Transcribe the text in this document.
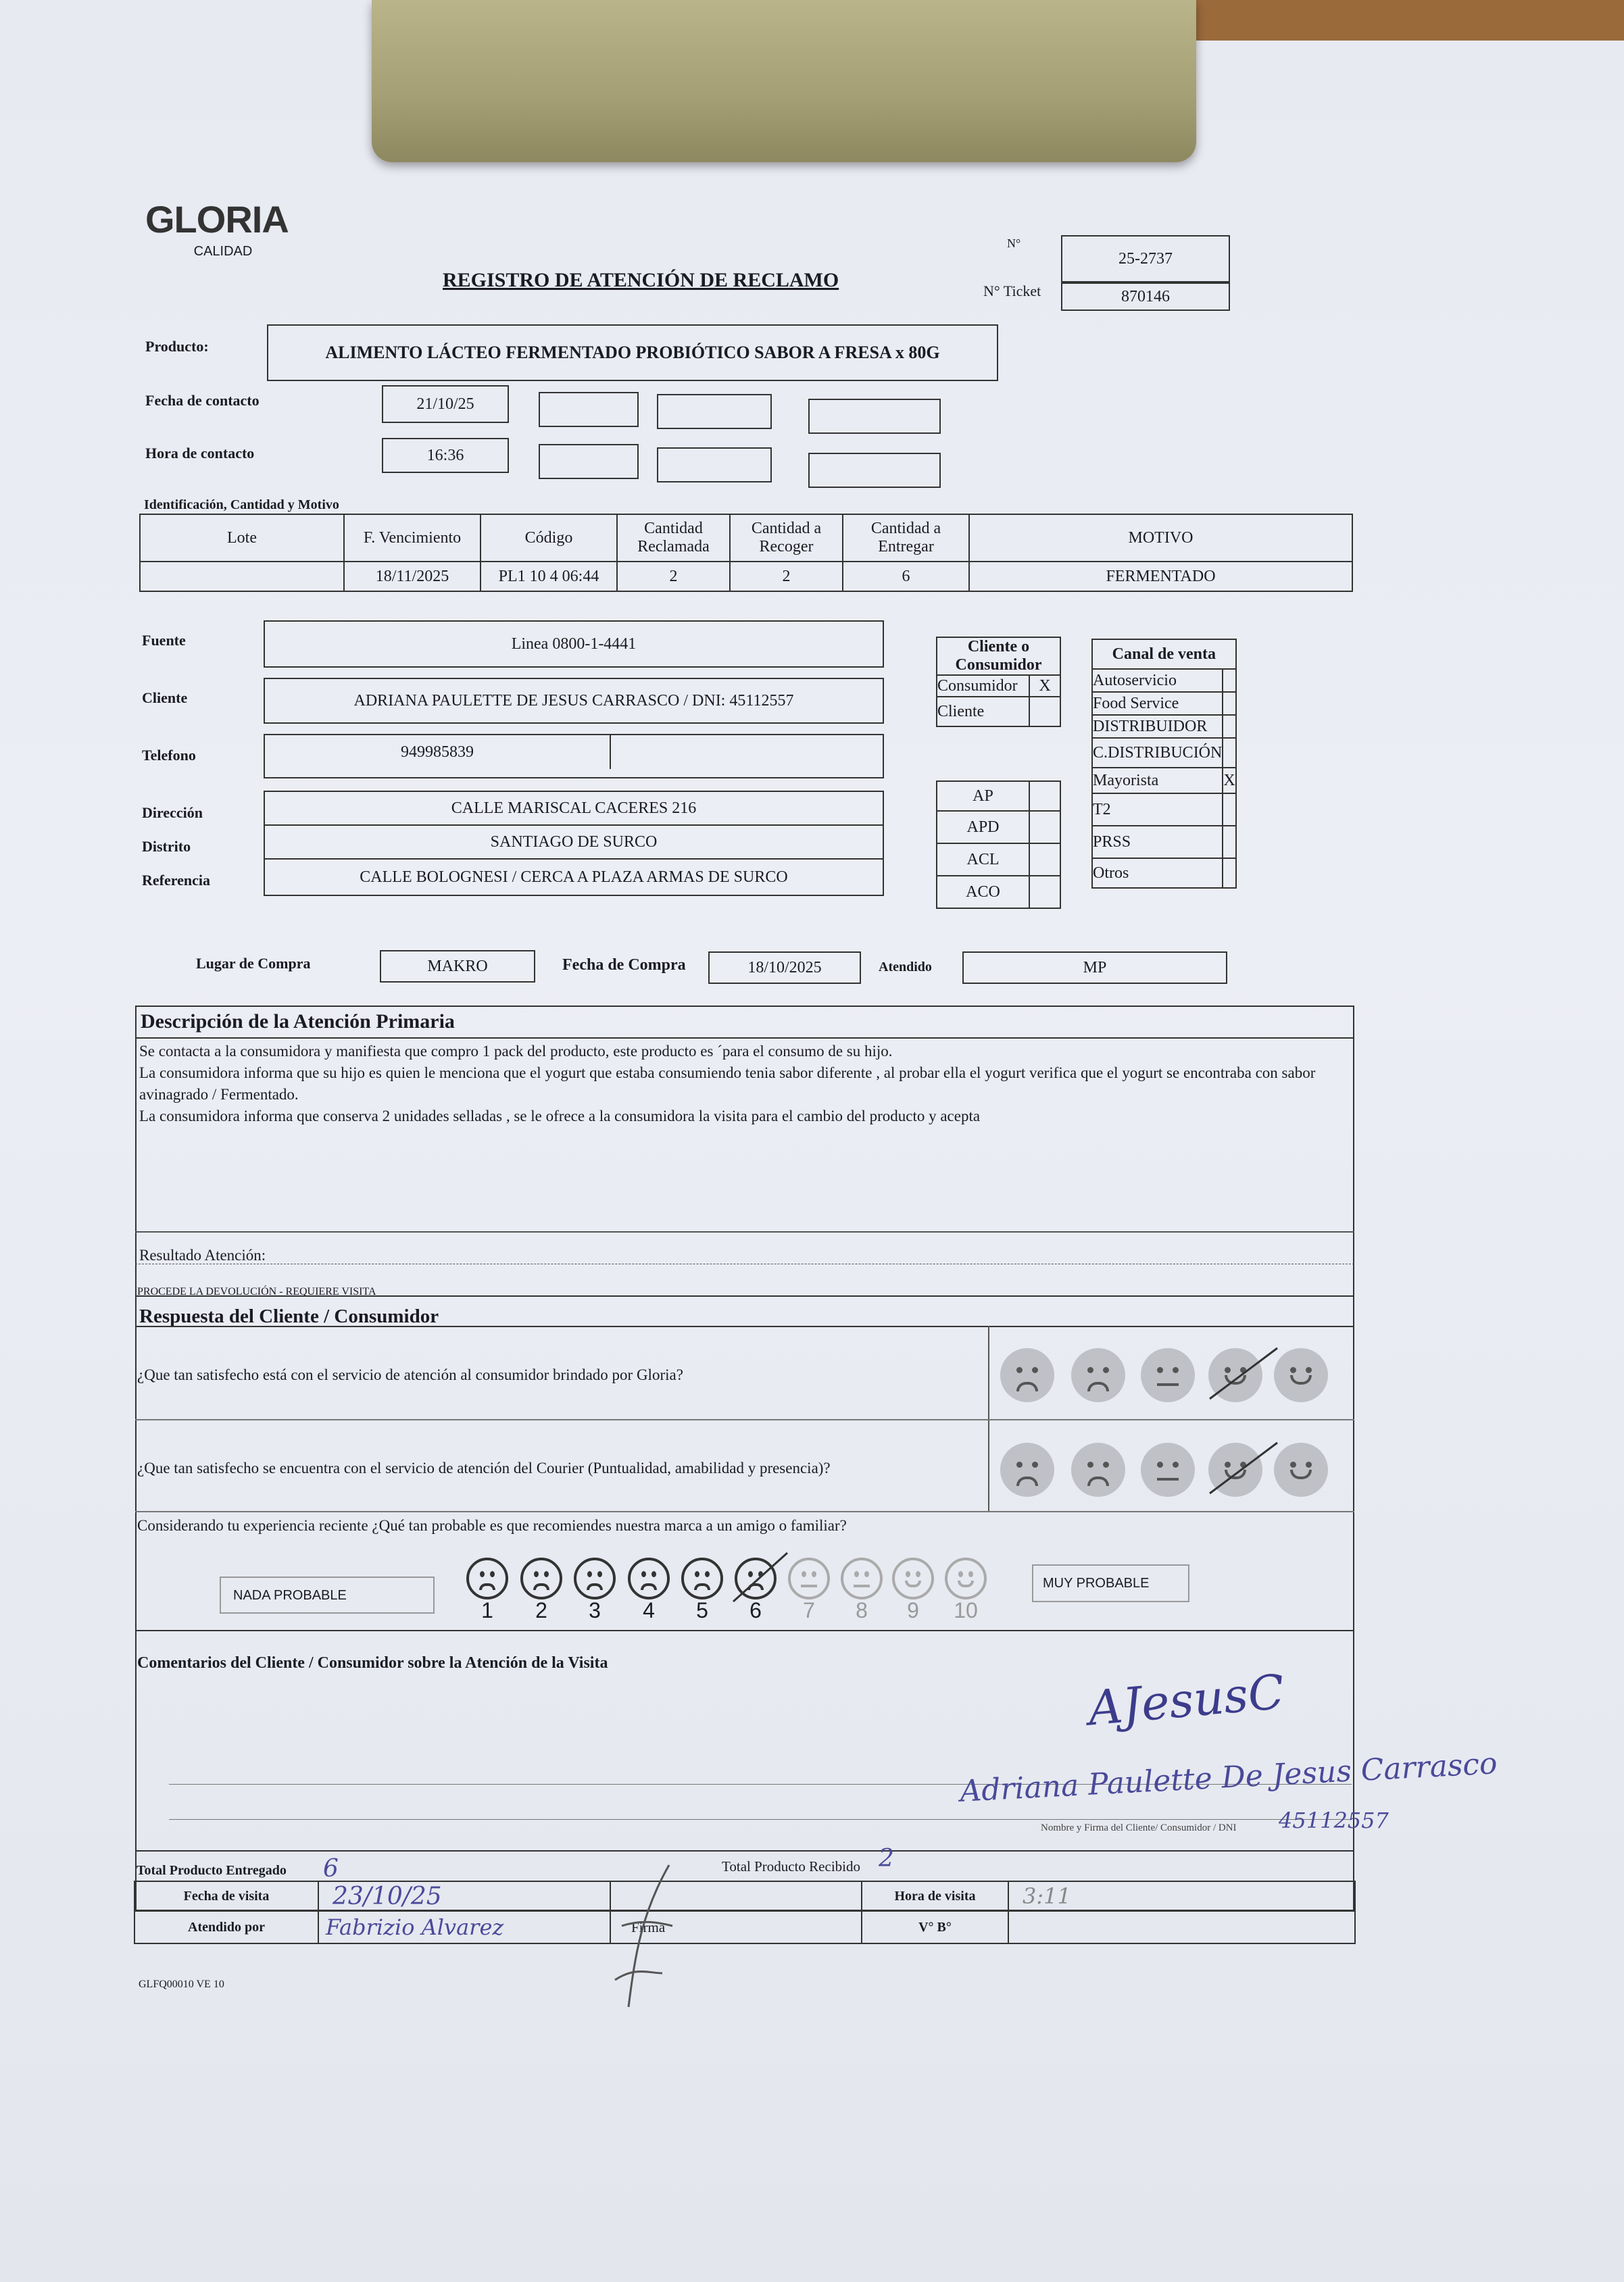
GLORIA
CALIDAD
REGISTRO DE ATENCIÓN DE RECLAMO
N°
25-2737
N° Ticket	870146
Producto:	ALIMENTO LÁCTEO FERMENTADO PROBIÓTICO SABOR A FRESA x 80G
Fecha de contacto	21/10/25
Hora de contacto	16:36
Identificación, Cantidad y Motivo
Lote	F. Vencimiento	Código	Cantidad Reclamada	Cantidad a Recoger	Cantidad a Entregar	MOTIVO
	18/11/2025	PL1 10 4 06:44	2	2	6	FERMENTADO
Fuente	Linea 0800-1-4441
Cliente	ADRIANA PAULETTE DE JESUS CARRASCO / DNI: 45112557
Telefono	949985839
Dirección	CALLE MARISCAL CACERES 216
Distrito	SANTIAGO DE SURCO
Referencia	CALLE BOLOGNESI / CERCA A PLAZA ARMAS DE SURCO
Cliente o Consumidor	
Consumidor	X
Cliente	
AP	
APD	
ACL	
ACO	
Canal de venta	
Autoservicio	
Food Service	
DISTRIBUIDOR	
C.DISTRIBUCIÓN	
Mayorista	X
T2	
PRSS	
Otros	
Lugar de Compra	MAKRO	Fecha de Compra	18/10/2025	Atendido	MP
Descripción de la Atención Primaria
Se contacta a la consumidora y manifiesta que compro 1 pack del producto, este producto es ´para el consumo de su hijo.
La consumidora informa que su hijo es quien le menciona que el yogurt que estaba consumiendo tenia sabor diferente , al probar ella el yogurt verifica que el yogurt se encontraba con sabor avinagrado / Fermentado.
La consumidora informa que conserva 2 unidades selladas , se le ofrece a la consumidora la visita para el cambio del producto y acepta
Resultado Atención:
PROCEDE LA DEVOLUCIÓN - REQUIERE VISITA
Respuesta del Cliente / Consumidor
¿Que tan satisfecho está con el servicio de atención al consumidor brindado por Gloria?
¿Que tan satisfecho se encuentra con el servicio de atención del Courier (Puntualidad, amabilidad y presencia)?
Considerando tu experiencia reciente ¿Qué tan probable es que recomiendes nuestra marca a un amigo o familiar?
NADA PROBABLE
MUY PROBABLE
1	2	3	4	5	6	7	8	9	10
Comentarios del Cliente / Consumidor sobre la Atención de la Visita
AJesusC
Adriana Paulette De Jesus Carrasco
Nombre y Firma del Cliente/ Consumidor / DNI 45112557
Total Producto Entregado 6	Total Producto Recibido 2
Fecha de visita	23/10/25		Hora de visita	3:11
Atendido por	Fabrizio Alvarez	Firma	V° B°	
GLFQ00010 VE 10
